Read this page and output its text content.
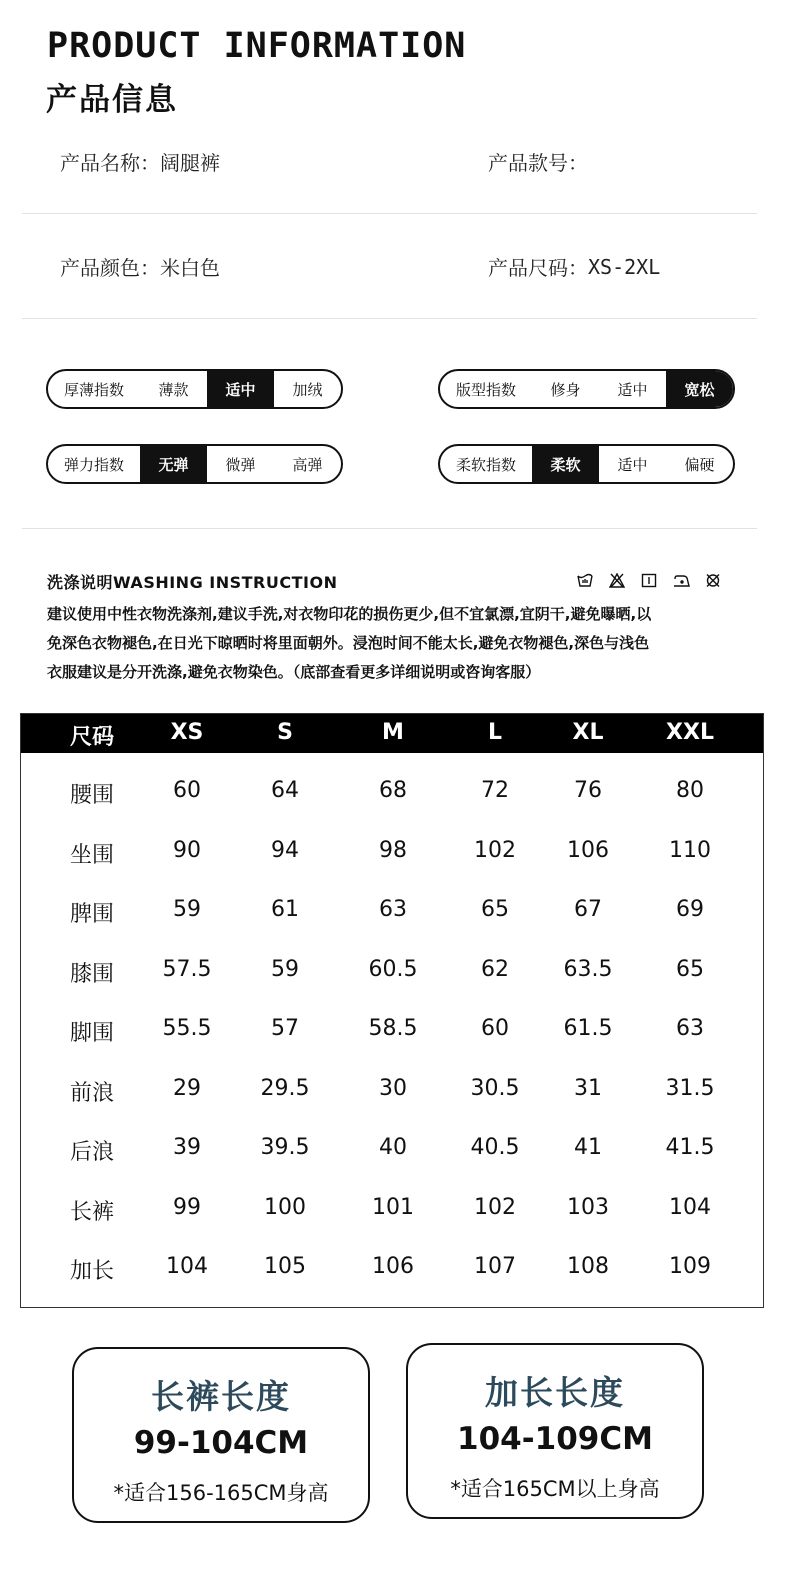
PRODUCT INFORMATION
产品信息
产品名称： 阔腿裤	产品款号：
产品颜色： 米白色	产品尺码： XS-2XL
厚薄指数	薄款	适中	加绒	版型指数	修身	适中	宽松
弹力指数	无弹	微弹	高弹	柔软指数	柔软	适中	偏硬
洗涤说明WASHING INSTRUCTION
建议使用中性衣物洗涤剂,建议手洗,对衣物印花的损伤更少,但不宜氯漂,宜阴干,避免曝晒,以
免深色衣物褪色,在日光下晾晒时将里面朝外。浸泡时间不能太长,避免衣物褪色,深色与浅色
衣服建议是分开洗涤,避免衣物染色。（底部查看更多详细说明或咨询客服）
尺码	XS	S	M	L	XL	XXL
腰围	60	64	68	72	76	80
坐围	90	94	98	102	106	110
脾围	59	61	63	65	67	69
膝围	57.5	59	60.5	62	63.5	65
脚围	55.5	57	58.5	60	61.5	63
前浪	29	29.5	30	30.5	31	31.5
后浪	39	39.5	40	40.5	41	41.5
长裤	99	100	101	102	103	104
加长	104	105	106	107	108	109
长裤长度
99-104CM
*适合156-165CM身高
加长长度
104-109CM
*适合165CM以上身高
